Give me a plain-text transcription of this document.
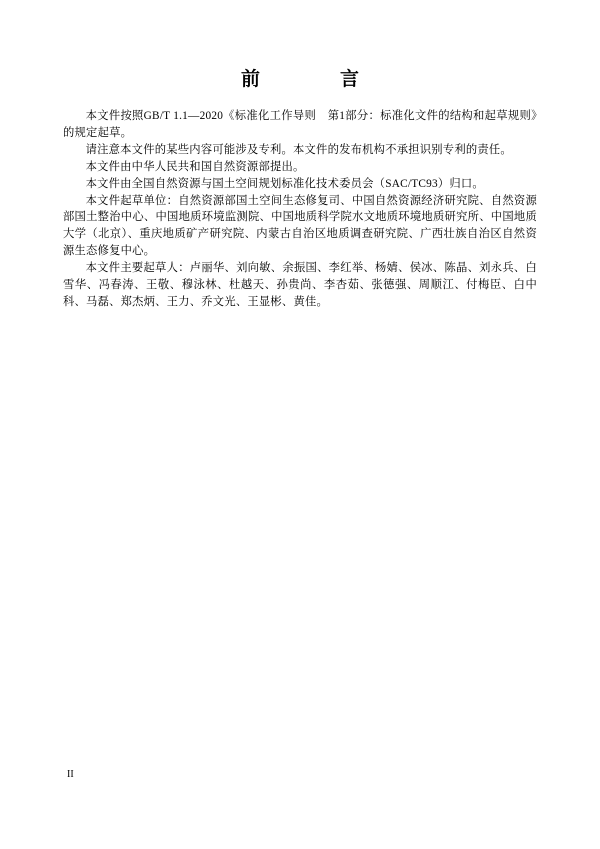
前　　言

本文件按照GB/T 1.1—2020《标准化工作导则　第1部分：标准化文件的结构和起草规则》的规定起草。

请注意本文件的某些内容可能涉及专利。本文件的发布机构不承担识别专利的责任。

本文件由中华人民共和国自然资源部提出。

本文件由全国自然资源与国土空间规划标准化技术委员会（SAC/TC93）归口。

本文件起草单位：自然资源部国土空间生态修复司、中国自然资源经济研究院、自然资源部国土整治中心、中国地质环境监测院、中国地质科学院水文地质环境地质研究所、中国地质大学（北京）、重庆地质矿产研究院、内蒙古自治区地质调查研究院、广西壮族自治区自然资源生态修复中心。

本文件主要起草人：卢丽华、刘向敏、余振国、李红举、杨婧、侯冰、陈晶、刘永兵、白雪华、冯春涛、王敬、穆泳林、杜越天、孙贵尚、李杏茹、张德强、周顺江、付梅臣、白中科、马磊、郑杰炳、王力、乔文光、王显彬、黄佳。

II
